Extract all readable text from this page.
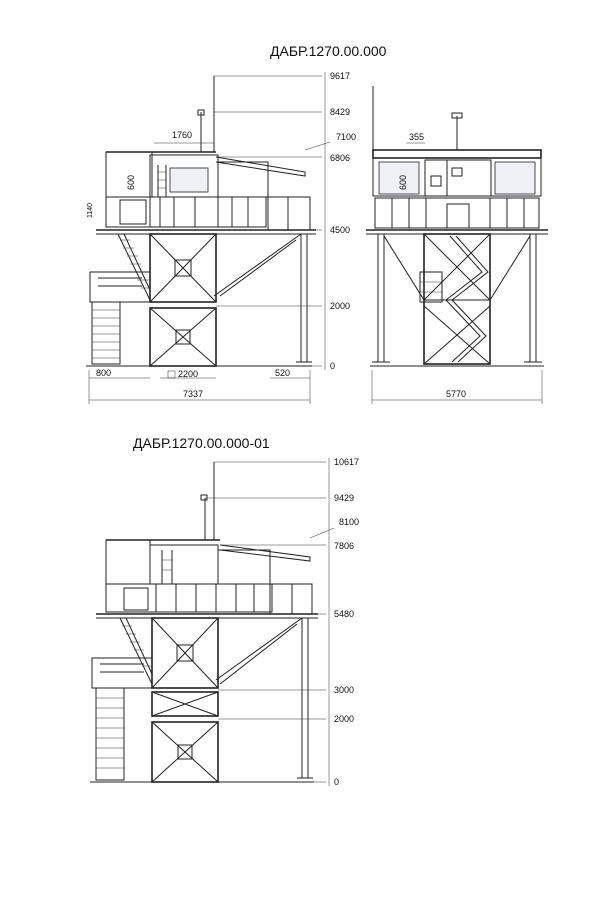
ДАБР.1270.00.000
ДАБР.1270.00.000-01
9617
8429
7100
6806
4500
2000
0
1760
600
1140
800	2200	520
7337
355
600
5770
10617
9429
8100
7806
5480
3000
2000
0
